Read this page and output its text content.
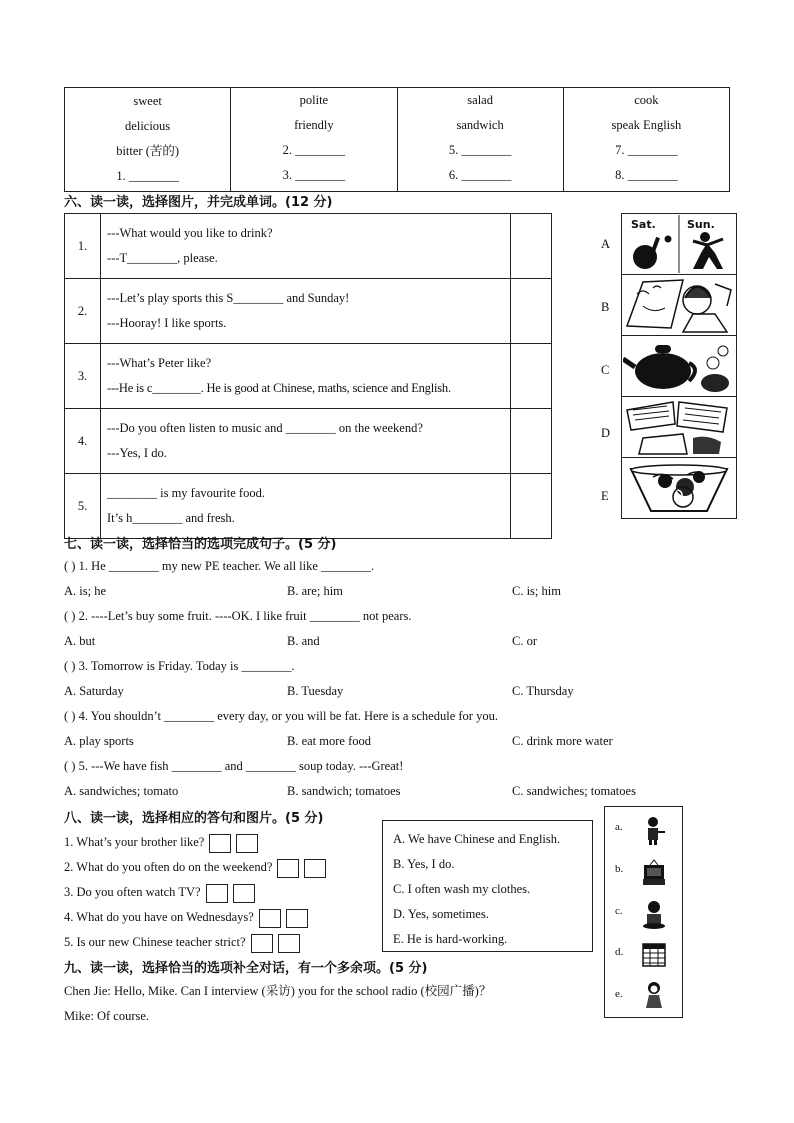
sweet
delicious
bitter (苦的)
1. ________

polite
friendly
2. ________
3. ________

salad
sandwich
5. ________
6. ________

cook
speak English
7. ________
8. ________
六、读一读，选择图片，并完成单词。(12 分)
1.	---What would you like to drink?
---T________, please.	

2.	---Let’s play sports this S________ and Sunday!
---Hooray! I like sports.	

3.	---What’s Peter like?
---He is c________. He is good at Chinese, maths, science and English.	

4.	---Do you often listen to music and ________ on the weekend?
---Yes, I do.	

5.	________ is my favourite food.
It’s h________ and fresh.	

A
B
C
D
E
Sat.	Sun.

七、读一读，选择恰当的选项完成句子。(5 分)
( ) 1. He ________ my new PE teacher. We all like ________.
A. is; he	B. are; him	C. is; him
( ) 2. ----Let’s buy some fruit. ----OK. I like fruit ________ not pears.
A. but	B. and	C. or
( ) 3. Tomorrow is Friday. Today is ________.
A. Saturday	B. Tuesday	C. Thursday
( ) 4. You shouldn’t ________ every day, or you will be fat. Here is a schedule for you.
A. play sports	B. eat more food	C. drink more water
( ) 5. ---We have fish ________ and ________ soup today. ---Great!
A. sandwiches; tomato	B. sandwich; tomatoes	C. sandwiches; tomatoes
八、读一读，选择相应的答句和图片。(5 分)
1. What’s your brother like?
2. What do you often do on the weekend?
3. Do you often watch TV?
4. What do you have on Wednesdays?
5. Is our new Chinese teacher strict?
A. We have Chinese and English.
B. Yes, I do.
C. I often wash my clothes.
D. Yes, sometimes.
E. He is hard-working.
a.
b.
c.
d.
e.
九、读一读，选择恰当的选项补全对话，有一个多余项。(5 分)
Chen Jie: Hello, Mike. Can I interview (采访) you for the school radio (校园广播)？
Mike: Of course.
